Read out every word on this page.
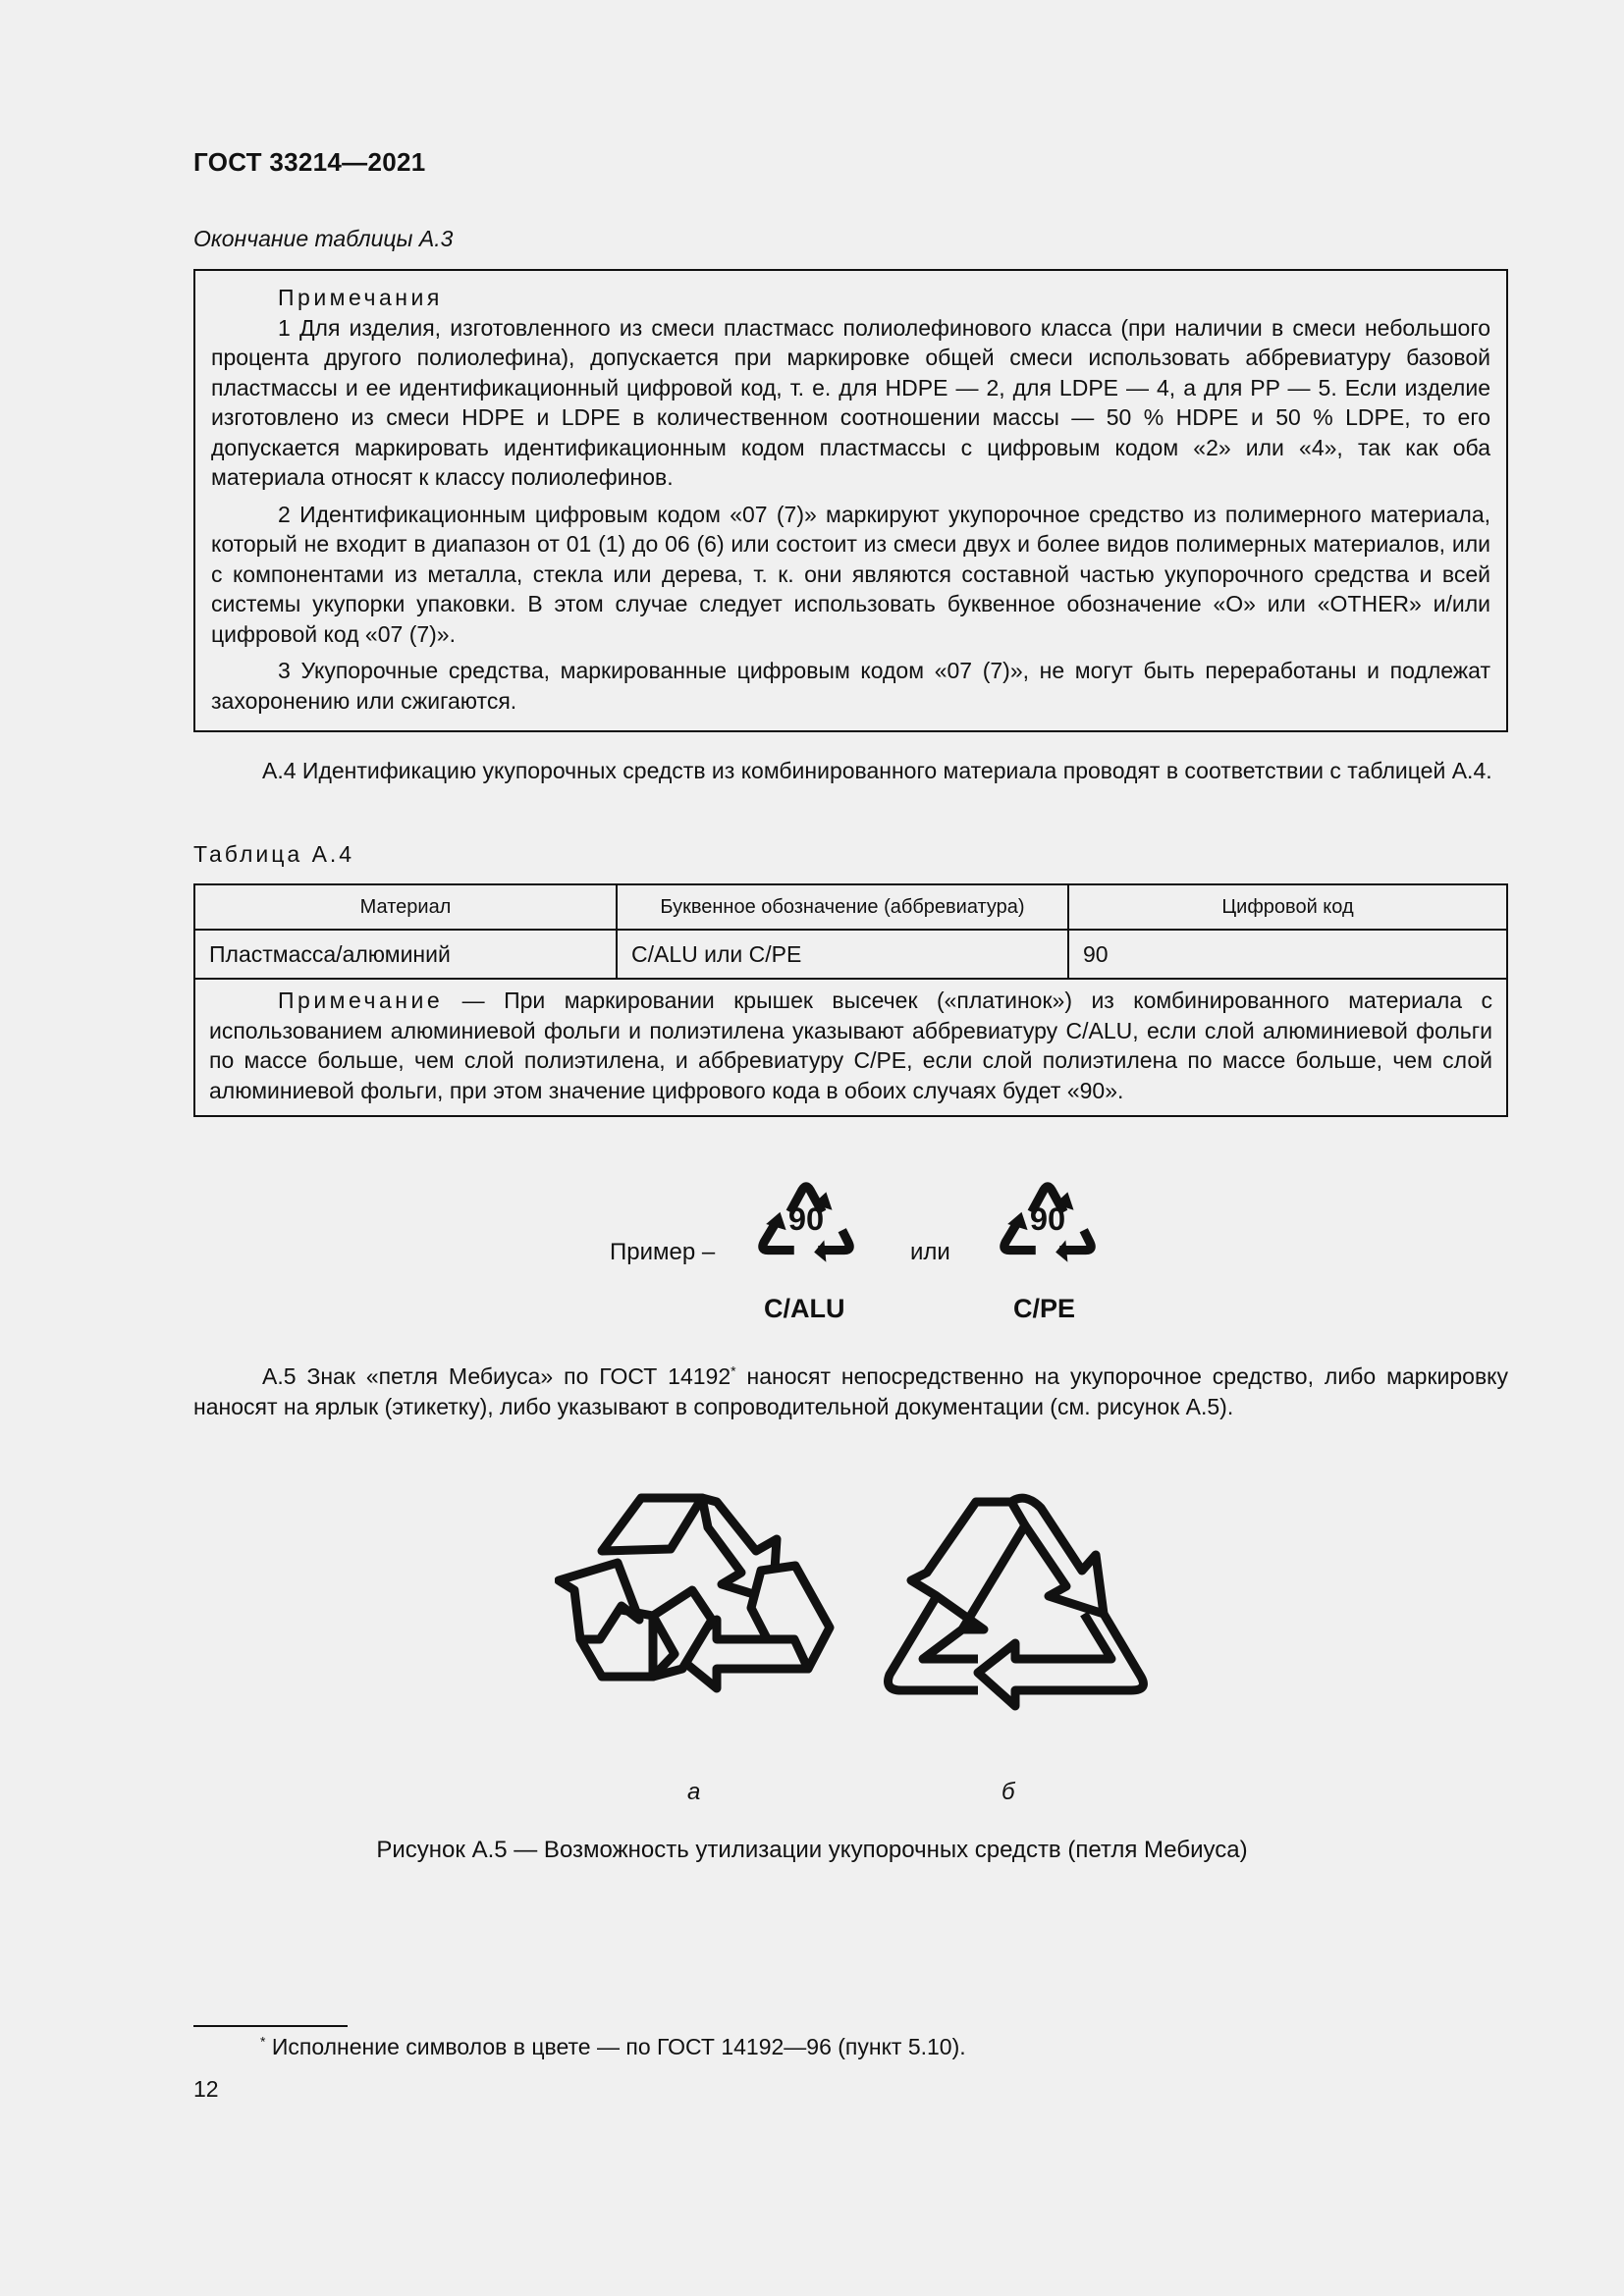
ГОСТ 33214—2021
Окончание таблицы А.3
Примечания

1 Для изделия, изготовленного из смеси пластмасс полиолефинового класса (при наличии в смеси небольшого процента другого полиолефина), допускается при маркировке общей смеси использовать аббревиатуру базовой пластмассы и ее идентификационный цифровой код, т. е. для HDPE — 2, для LDPE — 4, а для PP — 5. Если изделие изготовлено из смеси HDPE и LDPE в количественном соотношении массы — 50 % HDPE и 50 % LDPE, то его допускается маркировать идентификационным кодом пластмассы с цифровым кодом «2» или «4», так как оба материала относят к классу полиолефинов.

2 Идентификационным цифровым кодом «07 (7)» маркируют укупорочное средство из полимерного материала, который не входит в диапазон от 01 (1) до 06 (6) или состоит из смеси двух и более видов полимерных материалов, или с компонентами из металла, стекла или дерева, т. к. они являются составной частью укупорочного средства и всей системы укупорки упаковки. В этом случае следует использовать буквенное обозначение «О» или «OTHER» и/или цифровой код «07 (7)».

3 Укупорочные средства, маркированные цифровым кодом «07 (7)», не могут быть переработаны и подлежат захоронению или сжигаются.

А.4 Идентификацию укупорочных средств из комбинированного материала проводят в соответствии с таблицей А.4.
Таблица А.4
Материал	Буквенное обозначение (аббревиатура)	Цифровой код
Пластмасса/алюминий	C/ALU или C/PE	90
Примечание — При маркировании крышек высечек («платинок») из комбинированного материала с использованием алюминиевой фольги и полиэтилена указывают аббревиатуру C/ALU, если слой алюминиевой фольги по массе больше, чем слой полиэтилена, и аббревиатуру C/PE, если слой полиэтилена по массе больше, чем слой алюминиевой фольги, при этом значение цифрового кода в обоих случаях будет «90».		
Пример –	или
90	90
C/ALU	C/PE
А.5 Знак «петля Мебиуса» по ГОСТ 14192* наносят непосредственно на укупорочное средство, либо маркировку наносят на ярлык (этикетку), либо указывают в сопроводительной документации (см. рисунок А.5).
а	б
Рисунок А.5 — Возможность утилизации укупорочных средств (петля Мебиуса)
* Исполнение символов в цвете — по ГОСТ 14192—96 (пункт 5.10).
12
